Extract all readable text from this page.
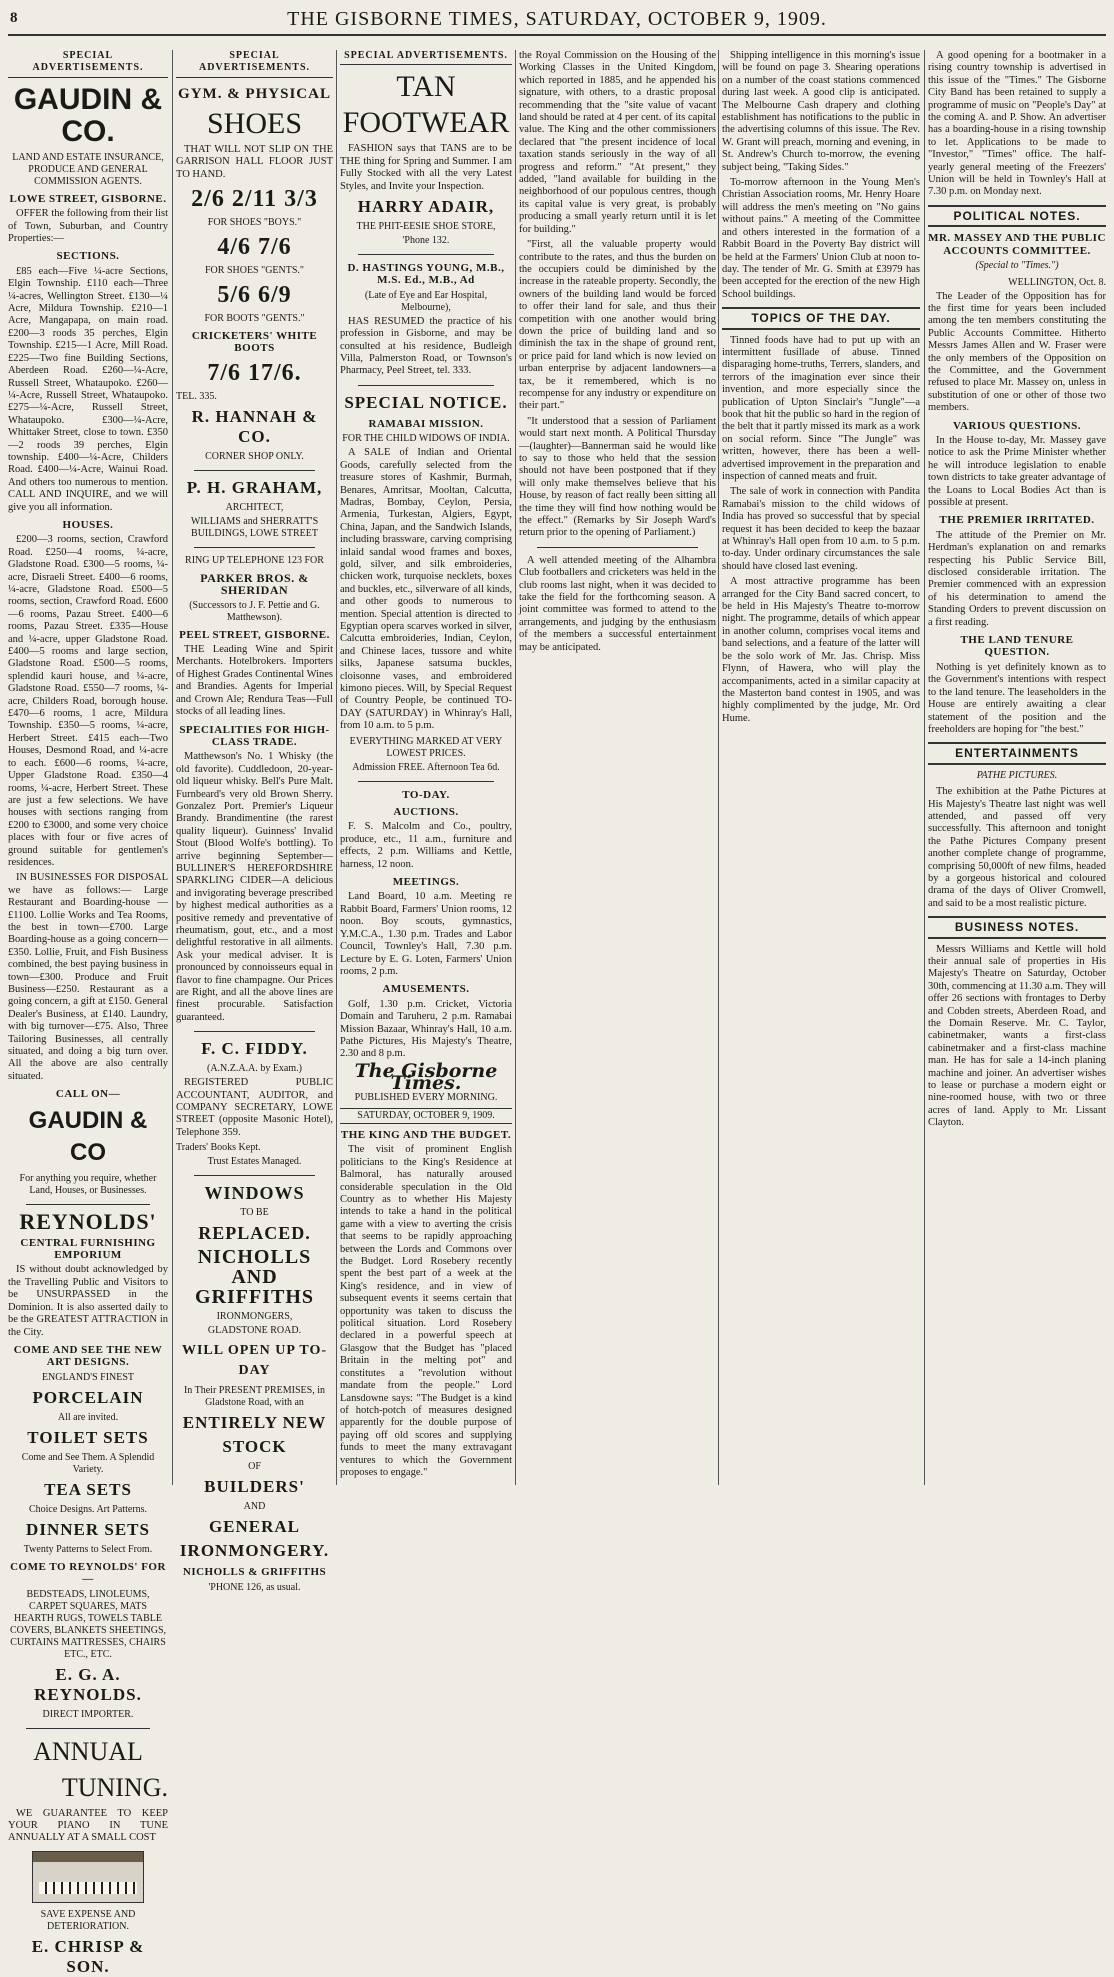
8	THE GISBORNE TIMES, SATURDAY, OCTOBER 9, 1909.
SPECIAL ADVERTISEMENTS.
GAUDIN & CO.
LAND AND ESTATE INSURANCE, PRODUCE AND GENERAL COMMISSION AGENTS.
LOWE STREET, GISBORNE.

OFFER the following from their list of Town, Suburban, and Country Properties:—

SECTIONS.

£85 each—Five ¼-acre Sections, Elgin Township. £110 each—Three ¼-acres, Wellington Street. £130—¼ Acre, Mildura Township. £210—1 Acre, Mangapapa, on main road. £200—3 roods 35 perches, Elgin Township. £215—1 Acre, Mill Road. £225—Two fine Building Sections, Aberdeen Road. £260—¼-Acre, Russell Street, Whataupoko. £260—¼-Acre, Russell Street, Whataupoko. £275—¼-Acre, Russell Street, Whataupoko. £300—¼-Acre, Whittaker Street, close to town. £350—2 roods 39 perches, Elgin township. £400—¼-Acre, Childers Road. £400—¼-Acre, Wainui Road. And others too numerous to mention. CALL AND INQUIRE, and we will give you all information.

HOUSES.

£200—3 rooms, section, Crawford Road. £250—4 rooms, ¼-acre, Gladstone Road. £300—5 rooms, ¼-acre, Disraeli Street. £400—6 rooms, ¼-acre, Gladstone Road. £500—5 rooms, section, Crawford Road. £600—6 rooms, Pazau Street. £400—6 rooms, Pazau Street. £335—House and ¼-acre, upper Gladstone Road. £400—5 rooms and large section, Gladstone Road. £500—5 rooms, splendid kauri house, and ¼-acre, Gladstone Road. £550—7 rooms, ¼-acre, Childers Road, borough house. £470—6 rooms, 1 acre, Mildura Township. £350—5 rooms, ¼-acre, Herbert Street. £415 each—Two Houses, Desmond Road, and ¼-acre to each. £600—6 rooms, ¼-acre, Upper Gladstone Road. £350—4 rooms, ¼-acre, Herbert Street. These are just a few selections. We have houses with sections ranging from £200 to £3000, and some very choice places with four or five acres of ground suitable for gentlemen's residences.

IN BUSINESSES FOR DISPOSAL we have as follows:— Large Restaurant and Boarding-house —£1100. Lollie Works and Tea Rooms, the best in town—£700. Large Boarding-house as a going concern—£350. Lollie, Fruit, and Fish Business combined, the best paying business in town—£300. Produce and Fruit Business—£250. Restaurant as a going concern, a gift at £150. General Dealer's Business, at £140. Laundry, with big turnover—£75. Also, Three Tailoring Businesses, all centrally situated, and doing a big turn over. All the above are also centrally situated.

CALL ON—
GAUDIN & CO
For anything you require, whether Land, Houses, or Businesses.
REYNOLDS'
CENTRAL FURNISHING EMPORIUM

IS without doubt acknowledged by the Travelling Public and Visitors to be UNSURPASSED in the Dominion. It is also asserted daily to be the GREATEST ATTRACTION in the City.

COME AND SEE THE NEW ART DESIGNS.
ENGLAND'S FINEST
PORCELAIN
All are invited.
TOILET SETS
Come and See Them. A Splendid Variety.
TEA SETS
Choice Designs. Art Patterns.
DINNER SETS
Twenty Patterns to Select From.
COME TO REYNOLDS' FOR—
BEDSTEADS, LINOLEUMS, CARPET SQUARES, MATS HEARTH RUGS, TOWELS TABLE COVERS, BLANKETS SHEETINGS, CURTAINS MATTRESSES, CHAIRS ETC., ETC.
E. G. A. REYNOLDS.
DIRECT IMPORTER.
ANNUAL
TUNING.

WE GUARANTEE TO KEEP YOUR PIANO IN TUNE ANNUALLY AT A SMALL COST

SAVE EXPENSE AND DETERIORATION.
E. CHRISP & SON.
SPECIAL ADVERTISEMENTS.
GYM. & PHYSICAL
SHOES

THAT WILL NOT SLIP ON THE GARRISON HALL FLOOR JUST TO HAND.

2/6 2/11 3/3
FOR SHOES "BOYS."
4/6 7/6
FOR SHOES "GENTS."
5/6 6/9
FOR BOOTS "GENTS."
CRICKETERS' WHITE BOOTS
7/6 17/6.
TEL. 335.
R. HANNAH & CO.
CORNER SHOP ONLY.
P. H. GRAHAM,
ARCHITECT,
WILLIAMS and SHERRATT'S BUILDINGS, LOWE STREET
RING UP TELEPHONE 123 FOR
PARKER BROS. & SHERIDAN
(Successors to J. F. Pettie and G. Matthewson).
PEEL STREET, GISBORNE.

THE Leading Wine and Spirit Merchants. Hotelbrokers. Importers of Highest Grades Continental Wines and Brandies. Agents for Imperial and Crown Ale; Rendura Teas—Full stocks of all leading lines.

SPECIALITIES FOR HIGH-CLASS TRADE.

Matthewson's No. 1 Whisky (the old favorite). Cuddledoon, 20-year-old liqueur whisky. Bell's Pure Malt. Furnbeard's very old Brown Sherry. Gonzalez Port. Premier's Liqueur Brandy. Brandimentine (the rarest quality liqueur). Guinness' Invalid Stout (Blood Wolfe's bottling). To arrive beginning September—BULLINER'S HEREFORDSHIRE SPARKLING CIDER—A delicious and invigorating beverage prescribed by highest medical authorities as a positive remedy and preventative of rheumatism, gout, etc., and a most delightful restorative in all ailments. Ask your medical adviser. It is pronounced by connoisseurs equal in flavor to fine champagne. Our Prices are Right, and all the above lines are finest procurable. Satisfaction guaranteed.

F. C. FIDDY.
(A.N.Z.A.A. by Exam.)

REGISTERED PUBLIC ACCOUNTANT, AUDITOR, and COMPANY SECRETARY, LOWE STREET (opposite Masonic Hotel), Telephone 359.

Traders' Books Kept.
Trust Estates Managed.
WINDOWS
TO BE
REPLACED.
NICHOLLS AND GRIFFITHS
IRONMONGERS,
GLADSTONE ROAD.
WILL OPEN UP TO-DAY
In Their PRESENT PREMISES, in Gladstone Road, with an
ENTIRELY NEW
STOCK
OF
BUILDERS'
AND
GENERAL
IRONMONGERY.
NICHOLLS & GRIFFITHS
'PHONE 126, as usual.
SPECIAL ADVERTISEMENTS.
TAN
FOOTWEAR

FASHION says that TANS are to be THE thing for Spring and Summer. I am Fully Stocked with all the very Latest Styles, and Invite your Inspection.

HARRY ADAIR,
THE PHIT-EESIE SHOE STORE,
'Phone 132.
D. HASTINGS YOUNG, M.B., M.S. Ed., M.B., Ad
(Late of Eye and Ear Hospital, Melbourne),

HAS RESUMED the practice of his profession in Gisborne, and may be consulted at his residence, Budleigh Villa, Palmerston Road, or Townson's Pharmacy, Peel Street, tel. 333.

SPECIAL NOTICE.
RAMABAI MISSION.
FOR THE CHILD WIDOWS OF INDIA.

A SALE of Indian and Oriental Goods, carefully selected from the treasure stores of Kashmir, Burmah, Benares, Amritsar, Mooltan, Calcutta, Madras, Bombay, Ceylon, Persia, Armenia, Turkestan, Algiers, Egypt, China, Japan, and the Sandwich Islands, including brassware, carving comprising inlaid sandal wood frames and boxes, gold, silver, and silk embroideries, chicken work, turquoise necklets, boxes and buckles, etc., silverware of all kinds, and other goods to numerous to mention. Special attention is directed to Egyptian opera scarves worked in silver, Calcutta embroideries, Indian, Ceylon, and Chinese laces, tussore and white silks, Japanese satsuma buckles, cloisonne vases, and embroidered kimono pieces. Will, by Special Request of Country People, be continued TO-DAY (SATURDAY) in Whinray's Hall, from 10 a.m. to 5 p.m.

EVERYTHING MARKED AT VERY LOWEST PRICES.
Admission FREE. Afternoon Tea 6d.
TO-DAY.
AUCTIONS.

F. S. Malcolm and Co., poultry, produce, etc., 11 a.m., furniture and effects, 2 p.m. Williams and Kettle, harness, 12 noon.

MEETINGS.

Land Board, 10 a.m. Meeting re Rabbit Board, Farmers' Union rooms, 12 noon. Boy scouts, gymnastics, Y.M.C.A., 1.30 p.m. Trades and Labor Council, Townley's Hall, 7.30 p.m. Lecture by E. G. Loten, Farmers' Union rooms, 2 p.m.

AMUSEMENTS.

Golf, 1.30 p.m. Cricket, Victoria Domain and Taruheru, 2 p.m. Ramabai Mission Bazaar, Whinray's Hall, 10 a.m. Pathe Pictures, His Majesty's Theatre, 2.30 and 8 p.m.

The Gisborne Times.
PUBLISHED EVERY MORNING.
SATURDAY, OCTOBER 9, 1909.
THE KING AND THE BUDGET.

The visit of prominent English politicians to the King's Residence at Balmoral, has naturally aroused considerable speculation in the Old Country as to whether His Majesty intends to take a hand in the political game with a view to averting the crisis that seems to be rapidly approaching between the Lords and Commons over the Budget. Lord Rosebery recently spent the best part of a week at the King's residence, and in view of subsequent events it seems certain that opportunity was taken to discuss the political situation. Lord Rosebery declared in a powerful speech at Glasgow that the Budget has "placed Britain in the melting pot" and constitutes a "revolution without mandate from the people." Lord Lansdowne says: "The Budget is a kind of hotch-potch of measures designed apparently for the double purpose of paying off old scores and supplying funds to meet the many extravagant ventures to which the Government proposes to engage."

the Royal Commission on the Housing of the Working Classes in the United Kingdom, which reported in 1885, and he appended his signature, with others, to a drastic proposal recommending that the "site value of vacant land should be rated at 4 per cent. of its capital value. The King and the other commissioners declared that "the present incidence of local taxation stands seriously in the way of all progress and reform." "At present," they added, "land available for building in the neighborhood of our populous centres, though its capital value is very great, is probably producing a small yearly return until it is let for building."

"First, all the valuable property would contribute to the rates, and thus the burden on the occupiers could be diminished by the increase in the rateable property. Secondly, the owners of the building land would be forced to offer their land for sale, and thus their competition with one another would bring down the price of building land and so diminish the tax in the shape of ground rent, or price paid for land which is now levied on urban enterprise by adjacent landowners—a tax, be it remembered, which is no recompense for any industry or expenditure on their part."

"It understood that a session of Parliament would start next month. A Political Thursday—(laughter)—Bannerman said he would like to say to those who held that the session should not have been postponed that if they will only make themselves believe that his House, by reason of fact really been sitting all the time they will find how nothing would be the effect." (Remarks by Sir Joseph Ward's return prior to the opening of Parliament.)

A well attended meeting of the Alhambra Club footballers and cricketers was held in the club rooms last night, when it was decided to take the field for the forthcoming season. A joint committee was formed to attend to the arrangements, and judging by the enthusiasm of the members a successful entertainment may be anticipated.

Shipping intelligence in this morning's issue will be found on page 3. Shearing operations on a number of the coast stations commenced during last week. A good clip is anticipated. The Melbourne Cash drapery and clothing establishment has notifications to the public in the advertising columns of this issue. The Rev. W. Grant will preach, morning and evening, in St. Andrew's Church to-morrow, the evening subject being, "Taking Sides."

To-morrow afternoon in the Young Men's Christian Association rooms, Mr. Henry Hoare will address the men's meeting on "No gains without pains." A meeting of the Committee and others interested in the formation of a Rabbit Board in the Poverty Bay district will be held at the Farmers' Union Club at noon to-day. The tender of Mr. G. Smith at £3979 has been accepted for the erection of the new High School buildings.

TOPICS OF THE DAY.

Tinned foods have had to put up with an intermittent fusillade of abuse. Tinned disparaging home-truths, Terrers, slanders, and terrors of the imagination ever since their invention, and more especially since the publication of Upton Sinclair's "Jungle"—a book that hit the public so hard in the region of the belt that it partly missed its mark as a work on social reform. Since "The Jungle" was written, however, there has been a well-advertised improvement in the preparation and inspection of canned meats and fruit.

The sale of work in connection with Pandita Ramabai's mission to the child widows of India has proved so successful that by special request it has been decided to keep the bazaar at Whinray's Hall open from 10 a.m. to 5 p.m. to-day. Under ordinary circumstances the sale should have closed last evening.

A most attractive programme has been arranged for the City Band sacred concert, to be held in His Majesty's Theatre to-morrow night. The programme, details of which appear in another column, comprises vocal items and band selections, and a feature of the latter will be the solo work of Mr. Jas. Chrisp. Miss Flynn, of Hawera, who will play the accompaniments, acted in a similar capacity at the Masterton band contest in 1905, and was highly complimented by the judge, Mr. Ord Hume.

A good opening for a bootmaker in a rising country township is advertised in this issue of the "Times." The Gisborne City Band has been retained to supply a programme of music on "People's Day" at the coming A. and P. Show. An advertiser has a boarding-house in a rising township to let. Applications to be made to "Investor," "Times" office. The half-yearly general meeting of the Freezers' Union will be held in Townley's Hall at 7.30 p.m. on Monday next.

POLITICAL NOTES.
MR. MASSEY AND THE PUBLIC ACCOUNTS COMMITTEE.
(Special to "Times.")
WELLINGTON, Oct. 8.

The Leader of the Opposition has for the first time for years been included among the ten members constituting the Public Accounts Committee. Hitherto Messrs James Allen and W. Fraser were the only members of the Opposition on the Committee, and the Government refused to place Mr. Massey on, unless in substitution of one or other of those two members.

VARIOUS QUESTIONS.

In the House to-day, Mr. Massey gave notice to ask the Prime Minister whether he will introduce legislation to enable town districts to take greater advantage of the Loans to Local Bodies Act than is possible at present.

THE PREMIER IRRITATED.

The attitude of the Premier on Mr. Herdman's explanation on and remarks respecting his Public Service Bill, disclosed considerable irritation. The Premier commenced with an expression of his determination to amend the Standing Orders to prevent discussion on a first reading.

THE LAND TENURE QUESTION.

Nothing is yet definitely known as to the Government's intentions with respect to the land tenure. The leaseholders in the House are entirely awaiting a clear statement of the position and the freeholders are hoping for "the best."

ENTERTAINMENTS
PATHE PICTURES.

The exhibition at the Pathe Pictures at His Majesty's Theatre last night was well attended, and passed off very successfully. This afternoon and tonight the Pathe Pictures Company present another complete change of programme, comprising 50,000ft of new films, headed by a gorgeous historical and coloured drama of the days of Oliver Cromwell, and said to be a most realistic picture.

BUSINESS NOTES.

Messrs Williams and Kettle will hold their annual sale of properties in His Majesty's Theatre on Saturday, October 30th, commencing at 11.30 a.m. They will offer 26 sections with frontages to Derby and Cobden streets, Aberdeen Road, and the Domain Reserve. Mr. C. Taylor, cabinetmaker, wants a first-class cabinetmaker and a first-class machine man. He has for sale a 14-inch planing machine and joiner. An advertiser wishes to lease or purchase a modern eight or nine-roomed house, with two or three acres of land. Apply to Mr. Lissant Clayton.
